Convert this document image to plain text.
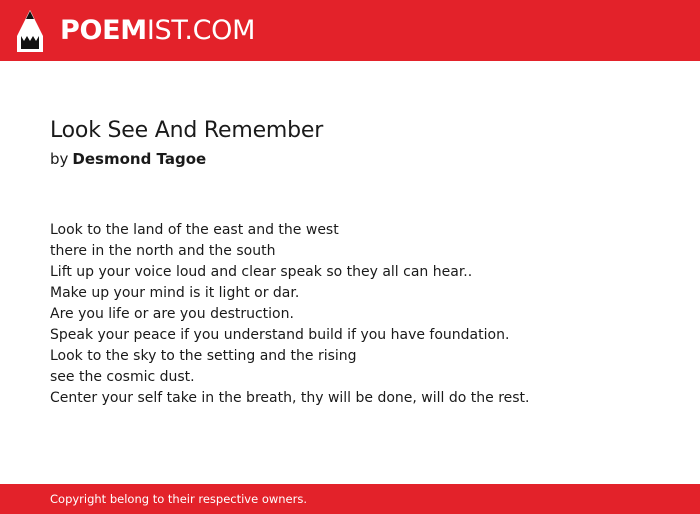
POEMIST.COM
Look See And Remember
by Desmond Tagoe
Look to the land of the east and the west
there in the north and the south
Lift up your voice loud and clear speak so they all can hear..
Make up your mind is it light or dar.
Are you life or are you destruction.
Speak your peace if you understand build if you have foundation.
Look to the sky to the setting and the rising
see the cosmic dust.
Center your self take in the breath, thy will be done, will do the rest.
Copyright belong to their respective owners.
